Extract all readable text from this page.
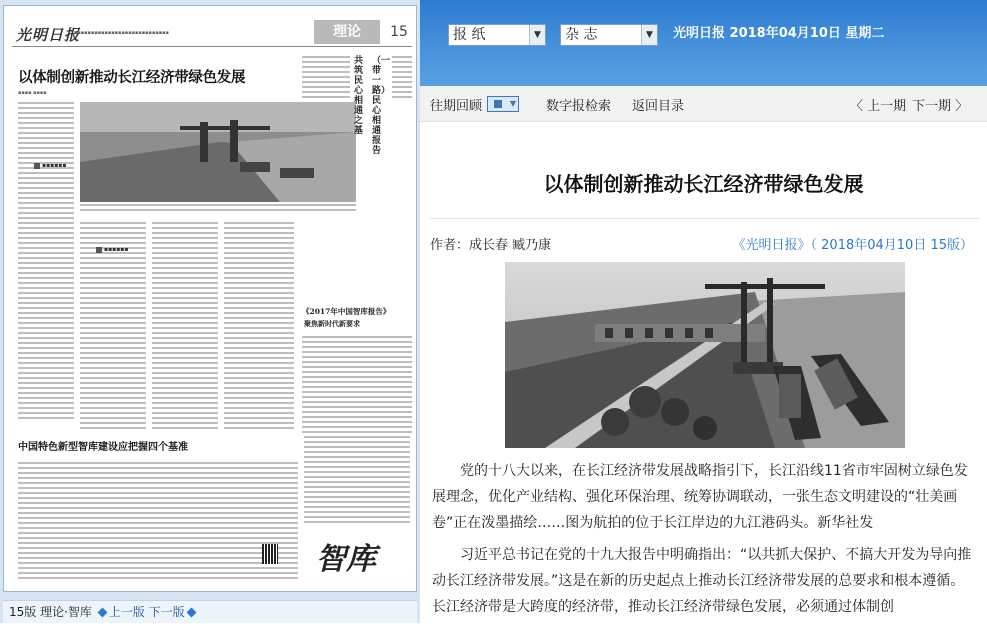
光明日报
▪▪▪▪▪▪▪▪▪▪▪▪▪▪▪▪▪▪▪▪▪▪▪▪▪▪▪▪	理论	15
以体制创新推动长江经济带绿色发展
▪▪▪▪ ▪▪▪▪
共筑民心相通之基
（一带一路）民心相通报告
▪▪▪▪▪▪
▪▪▪▪▪▪
《2017年中国智库报告》
聚焦新时代新要求
中国特色新型智库建设应把握四个基准
智库
15版 理论·智库 上一版 下一版
报 纸	▼	杂 志	▼	光明日报 2018年04月10日 星期二
往期回顾	▼ 数字报检索 返回目录	〈 上一期 下一期 〉
以体制创新推动长江经济带绿色发展
作者：成长春 臧乃康	《光明日报》（ 2018年04月10日 15版）

党的十八大以来，在长江经济带发展战略指引下，长江沿线11省市牢固树立绿色发展理念，优化产业结构、强化环保治理、统筹协调联动，一张生态文明建设的“壮美画卷”正在泼墨描绘……图为航拍的位于长江岸边的九江港码头。新华社发

习近平总书记在党的十九大报告中明确指出：“以共抓大保护、不搞大开发为导向推动长江经济带发展。”这是在新的历史起点上推动长江经济带发展的总要求和根本遵循。长江经济带是大跨度的经济带，推动长江经济带绿色发展，必须通过体制创
